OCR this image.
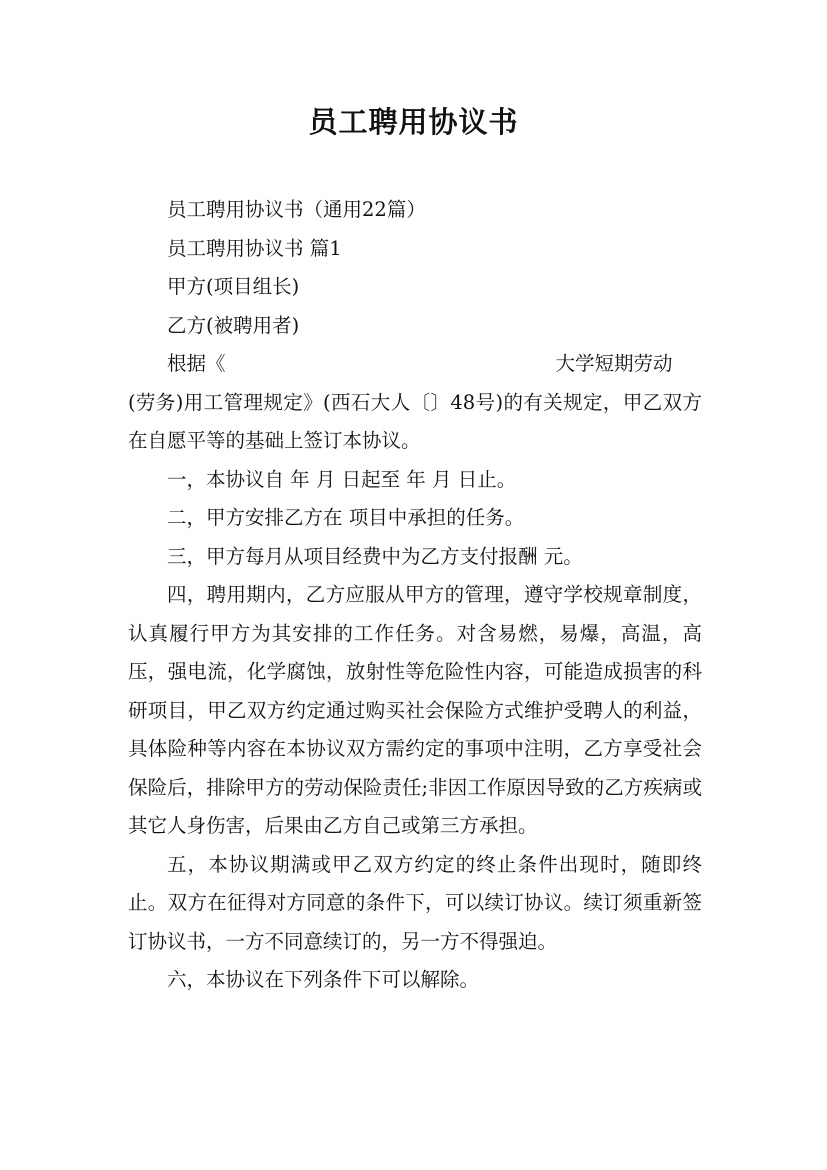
员工聘用协议书

员工聘用协议书（通用22篇）

员工聘用协议书 篇1

甲方(项目组长)

乙方(被聘用者)

根据《	大学短期劳动

(劳务)用工管理规定》(西石大人〔〕48号)的有关规定，甲乙双方在自愿平等的基础上签订本协议。

一，本协议自 年 月 日起至 年 月 日止。

二，甲方安排乙方在 项目中承担的任务。

三，甲方每月从项目经费中为乙方支付报酬 元。

四，聘用期内，乙方应服从甲方的管理，遵守学校规章制度，认真履行甲方为其安排的工作任务。对含易燃，易爆，高温，高压，强电流，化学腐蚀，放射性等危险性内容，可能造成损害的科研项目，甲乙双方约定通过购买社会保险方式维护受聘人的利益，具体险种等内容在本协议双方需约定的事项中注明，乙方享受社会保险后，排除甲方的劳动保险责任;非因工作原因导致的乙方疾病或其它人身伤害，后果由乙方自己或第三方承担。

五，本协议期满或甲乙双方约定的终止条件出现时，随即终止。双方在征得对方同意的条件下，可以续订协议。续订须重新签订协议书，一方不同意续订的，另一方不得强迫。

六，本协议在下列条件下可以解除。
